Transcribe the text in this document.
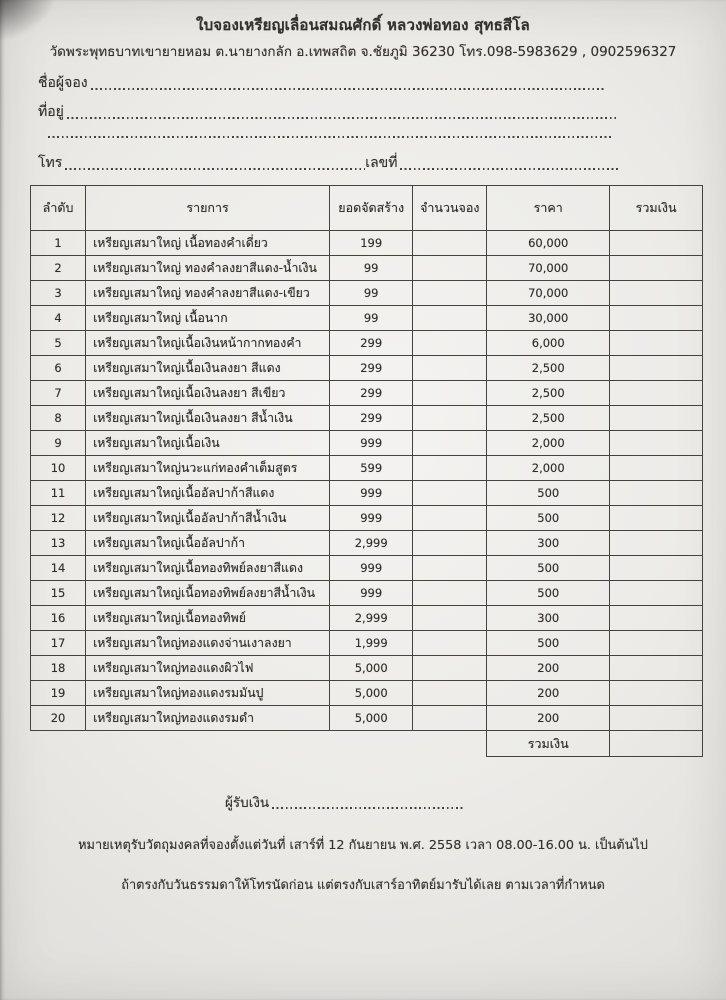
ใบจองเหรียญเลื่อนสมณศักดิ์ หลวงพ่อทอง สุทธสีโล
วัดพระพุทธบาทเขายายหอม ต.นายางกลัก อ.เทพสถิต จ.ชัยภูมิ 36230 โทร.098-5983629 , 0902596327
ชื่อผู้จอง
ที่อยู่
โทร	เลขที่
ลำดับ	รายการ	ยอดจัดสร้าง	จำนวนจอง	ราคา	รวมเงิน
1	เหรียญเสมาใหญ่ เนื้อทองคำเดี่ยว	199		60,000	
2	เหรียญเสมาใหญ่ ทองคำลงยาสีแดง-น้ำเงิน	99		70,000	
3	เหรียญเสมาใหญ่ ทองคำลงยาสีแดง-เขียว	99		70,000	
4	เหรียญเสมาใหญ่ เนื้อนาก	99		30,000	
5	เหรียญเสมาใหญ่เนื้อเงินหน้ากากทองคำ	299		6,000	
6	เหรียญเสมาใหญ่เนื้อเงินลงยา สีแดง	299		2,500	
7	เหรียญเสมาใหญ่เนื้อเงินลงยา สีเขียว	299		2,500	
8	เหรียญเสมาใหญ่เนื้อเงินลงยา สีน้ำเงิน	299		2,500	
9	เหรียญเสมาใหญ่เนื้อเงิน	999		2,000	
10	เหรียญเสมาใหญ่นวะแก่ทองคำเต็มสูตร	599		2,000	
11	เหรียญเสมาใหญ่เนื้ออัลปาก้าสีแดง	999		500	
12	เหรียญเสมาใหญ่เนื้ออัลปาก้าสีน้ำเงิน	999		500	
13	เหรียญเสมาใหญ่เนื้ออัลปาก้า	2,999		300	
14	เหรียญเสมาใหญ่เนื้อทองทิพย์ลงยาสีแดง	999		500	
15	เหรียญเสมาใหญ่เนื้อทองทิพย์ลงยาสีน้ำเงิน	999		500	
16	เหรียญเสมาใหญ่เนื้อทองทิพย์	2,999		300	
17	เหรียญเสมาใหญ่ทองแดงจ่านเงาลงยา	1,999		500	
18	เหรียญเสมาใหญ่ทองแดงผิวไฟ	5,000		200	
19	เหรียญเสมาใหญ่ทองแดงรมมันปู	5,000		200	
20	เหรียญเสมาใหญ่ทองแดงรมดำ	5,000		200	
				รวมเงิน	
ผู้รับเงิน
หมายเหตุรับวัตถุมงคลที่จองตั้งแต่วันที่ เสาร์ที่ 12 กันยายน พ.ศ. 2558 เวลา 08.00-16.00 น. เป็นต้นไป
ถ้าตรงกับวันธรรมดาให้โทรนัดก่อน แต่ตรงกับเสาร์อาทิตย์มารับได้เลย ตามเวลาที่กำหนด
